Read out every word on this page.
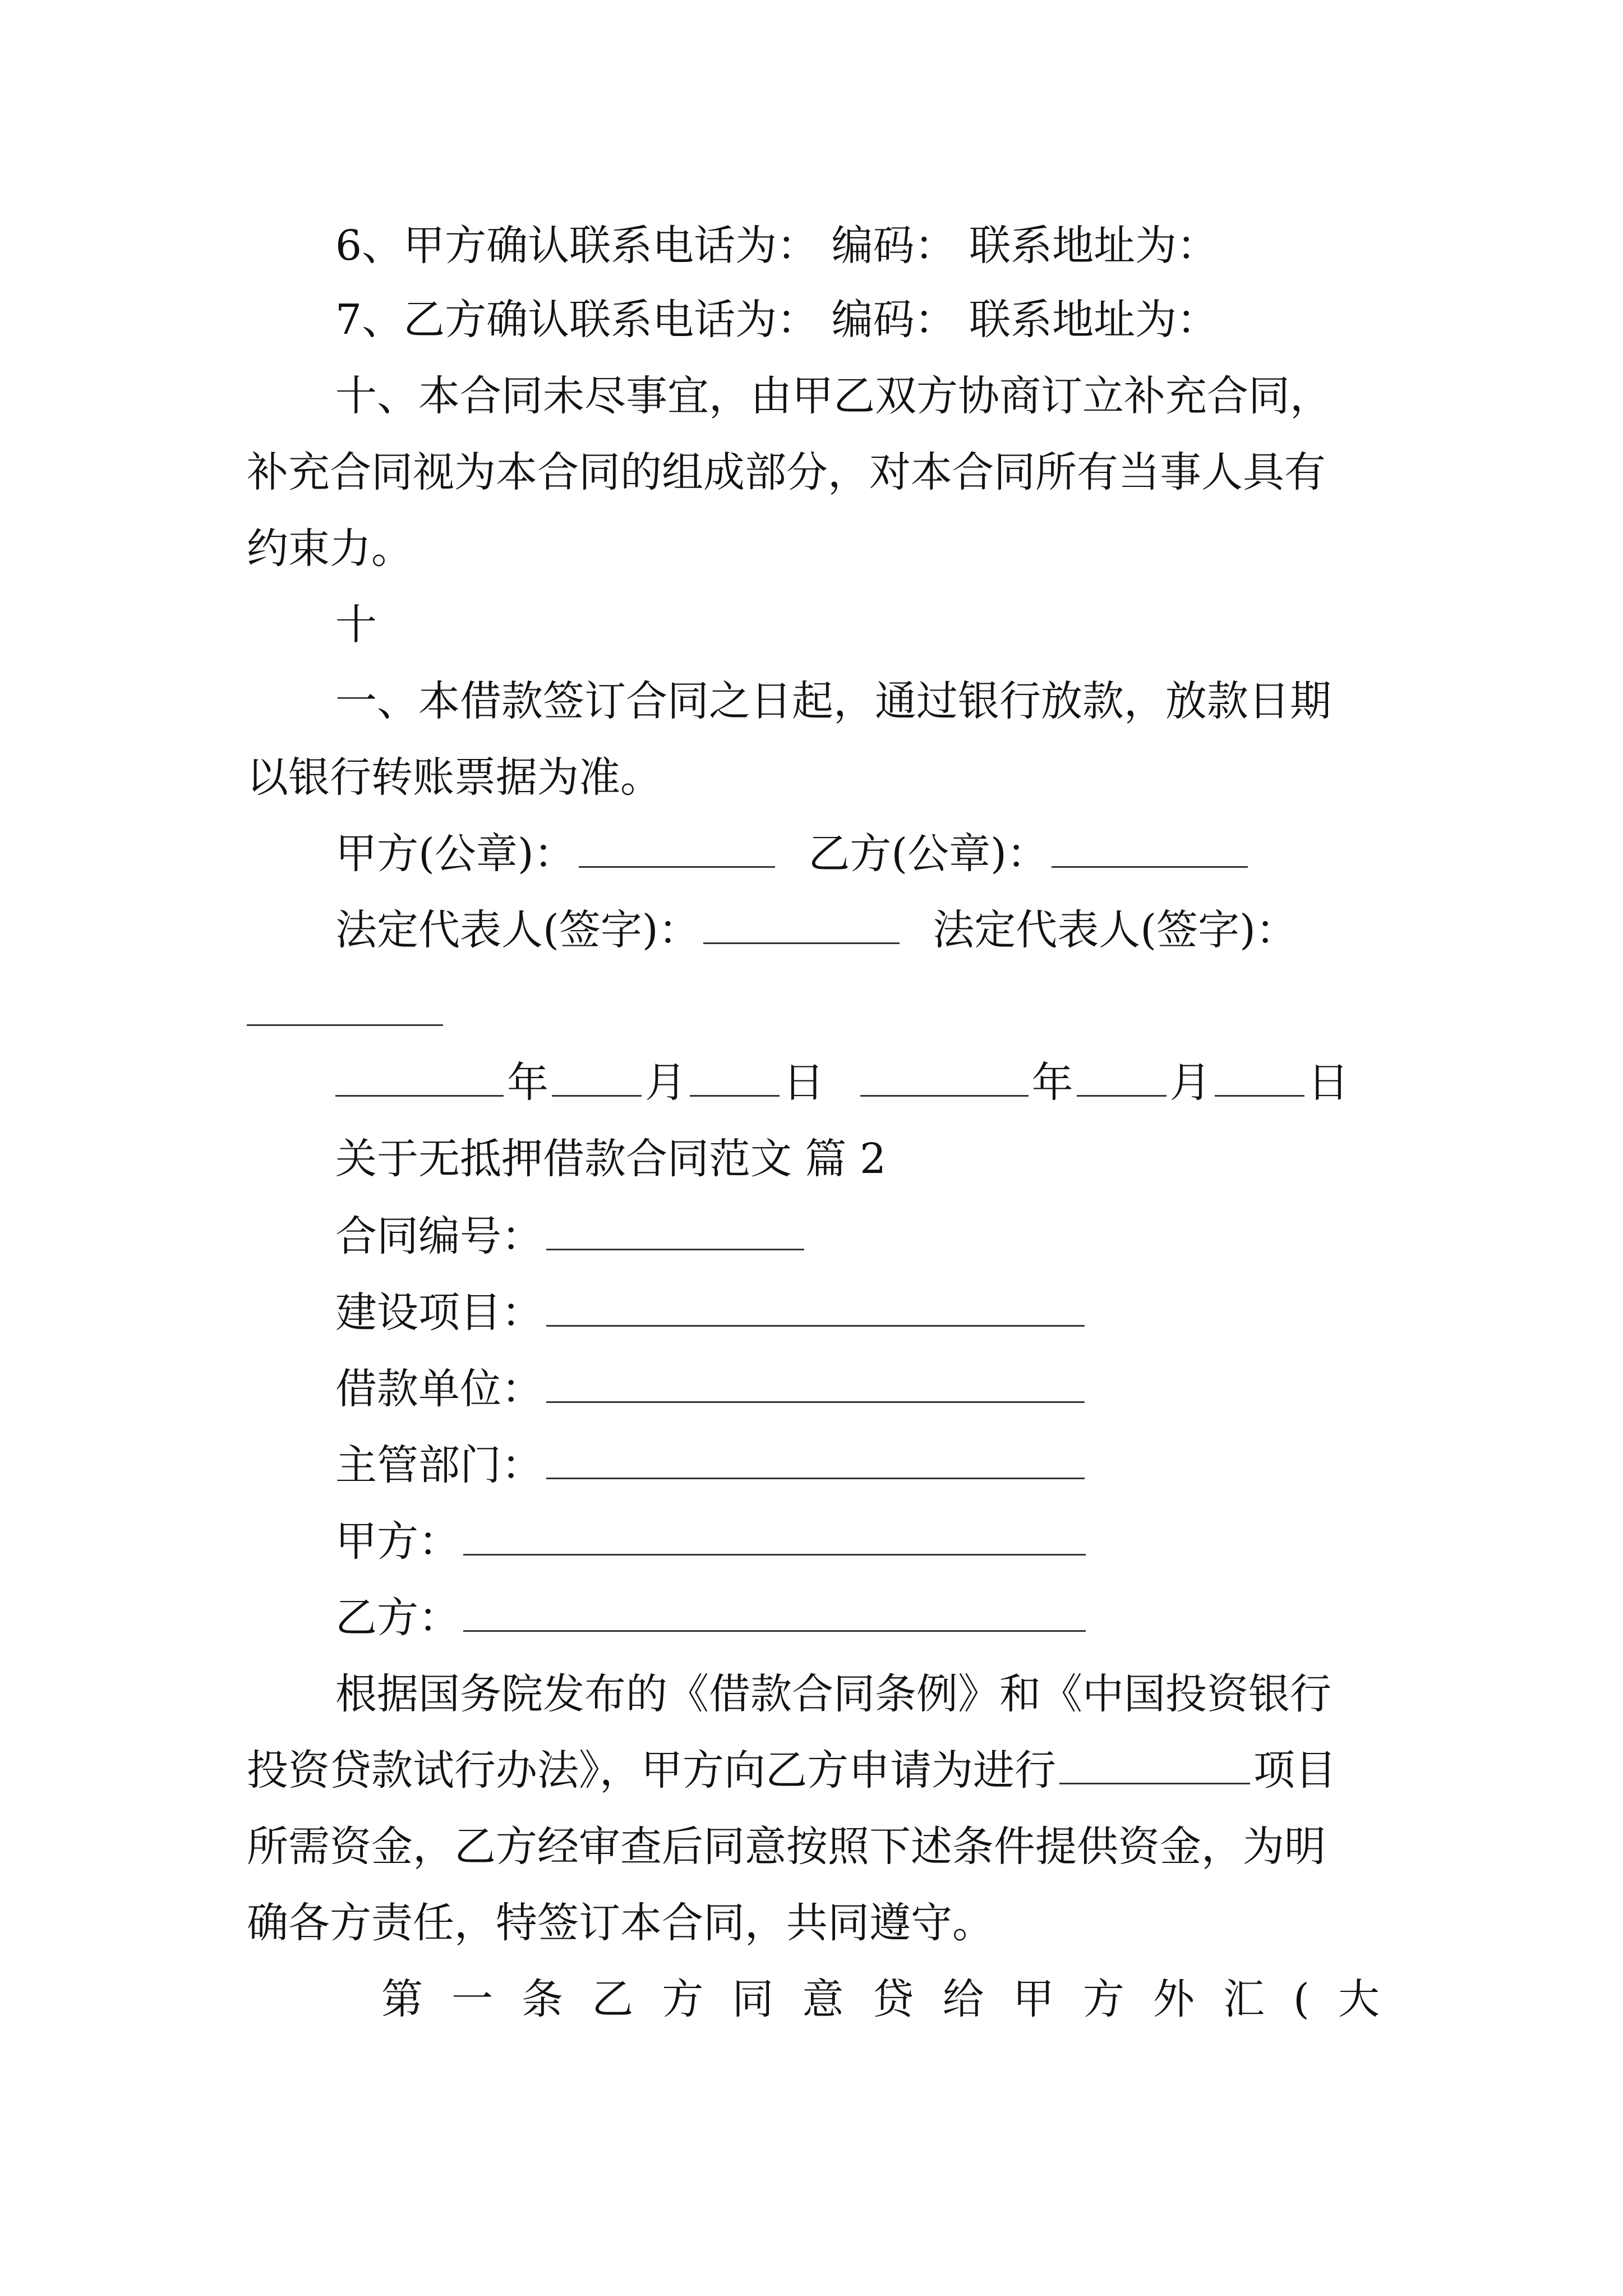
6、甲方确认联系电话为： 编码： 联系地址为：
7、乙方确认联系电话为： 编码： 联系地址为：
十、本合同未尽事宜，由甲乙双方协商订立补充合同，
补充合同视为本合同的组成部分，对本合同所有当事人具有
约束力。
十
一、本借款签订合同之日起，通过银行放款，放款日期
以银行转账票据为准。
甲方(公章)：	乙方(公章)：
法定代表人(签字)：	法定代表人(签字)：
年 月 日	年 月 日
关于无抵押借款合同范文 篇 2
合同编号：
建设项目：
借款单位：
主管部门：
甲方：
乙方：
根据国务院发布的《借款合同条例》和《中国投资银行
投资贷款试行办法》，甲方向乙方申请为进行	项目
所需资金，乙方经审查后同意按照下述条件提供资金，为明
确各方责任，特签订本合同，共同遵守。
第 一 条 乙 方 同 意 贷 给 甲 方 外 汇 ( 大
